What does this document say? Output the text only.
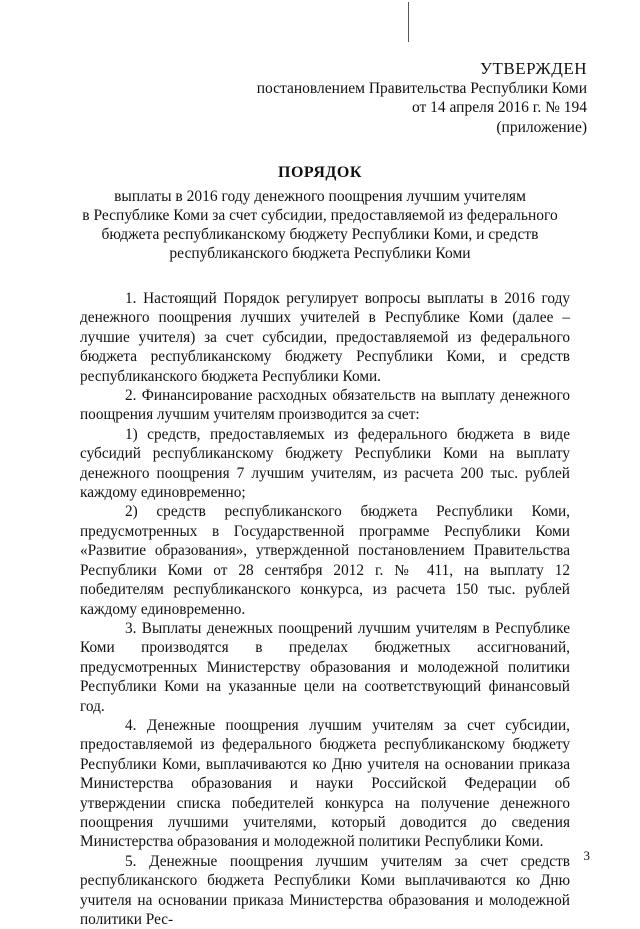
УТВЕРЖДЕН
постановлением Правительства Республики Коми
от 14 апреля 2016 г. № 194
(приложение)
ПОРЯДОК
выплаты в 2016 году денежного поощрения лучшим учителям
в Республике Коми за счет субсидии, предоставляемой из федерального
бюджета республиканскому бюджету Республики Коми, и средств
республиканского бюджета Республики Коми

1. Настоящий Порядок регулирует вопросы выплаты в 2016 году денежного поощрения лучших учителей в Республике Коми (далее – лучшие учителя) за счет субсидии, предоставляемой из федерального бюджета республиканскому бюджету Республики Коми, и средств республиканского бюджета Республики Коми.

2. Финансирование расходных обязательств на выплату денежного поощрения лучшим учителям производится за счет:

1) средств, предоставляемых из федерального бюджета в виде субсидий республиканскому бюджету Республики Коми на выплату денежного поощрения 7 лучшим учителям, из расчета 200 тыс. рублей каждому единовременно;

2) средств республиканского бюджета Республики Коми, предусмотренных в Государственной программе Республики Коми «Развитие образования», утвержденной постановлением Правительства Республики Коми от 28 сентября 2012 г. № 411, на выплату 12 победителям республиканского конкурса, из расчета 150 тыс. рублей каждому единовременно.

3. Выплаты денежных поощрений лучшим учителям в Республике Коми производятся в пределах бюджетных ассигнований, предусмотренных Министерству образования и молодежной политики Республики Коми на указанные цели на соответствующий финансовый год.

4. Денежные поощрения лучшим учителям за счет субсидии, предоставляемой из федерального бюджета республиканскому бюджету Республики Коми, выплачиваются ко Дню учителя на основании приказа Министерства образования и науки Российской Федерации об утверждении списка победителей конкурса на получение денежного поощрения лучшими учителями, который доводится до сведения Министерства образования и молодежной политики Республики Коми.

5. Денежные поощрения лучшим учителям за счет средств республиканского бюджета Республики Коми выплачиваются ко Дню учителя на основании приказа Министерства образования и молодежной политики Рес-

3
